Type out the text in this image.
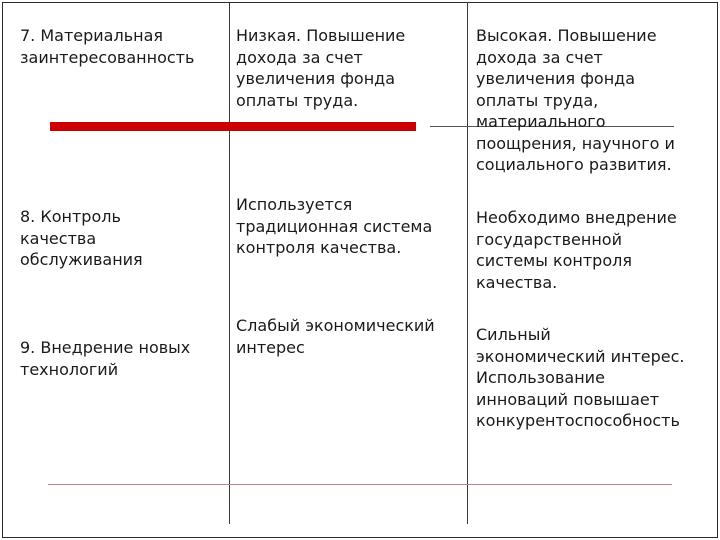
7. Материальная
заинтересованность
Низкая. Повышение
дохода за счет
увеличения фонда
оплаты труда.
Высокая. Повышение
дохода за счет
увеличения фонда
оплаты труда,
материального
поощрения, научного и
социального развития.
8. Контроль
качества
обслуживания
Используется
традиционная система
контроля качества.
Необходимо внедрение
государственной
системы контроля
качества.
9. Внедрение новых
технологий
Слабый экономический
интерес
Сильный
экономический интерес.
Использование
инноваций повышает
конкурентоспособность
